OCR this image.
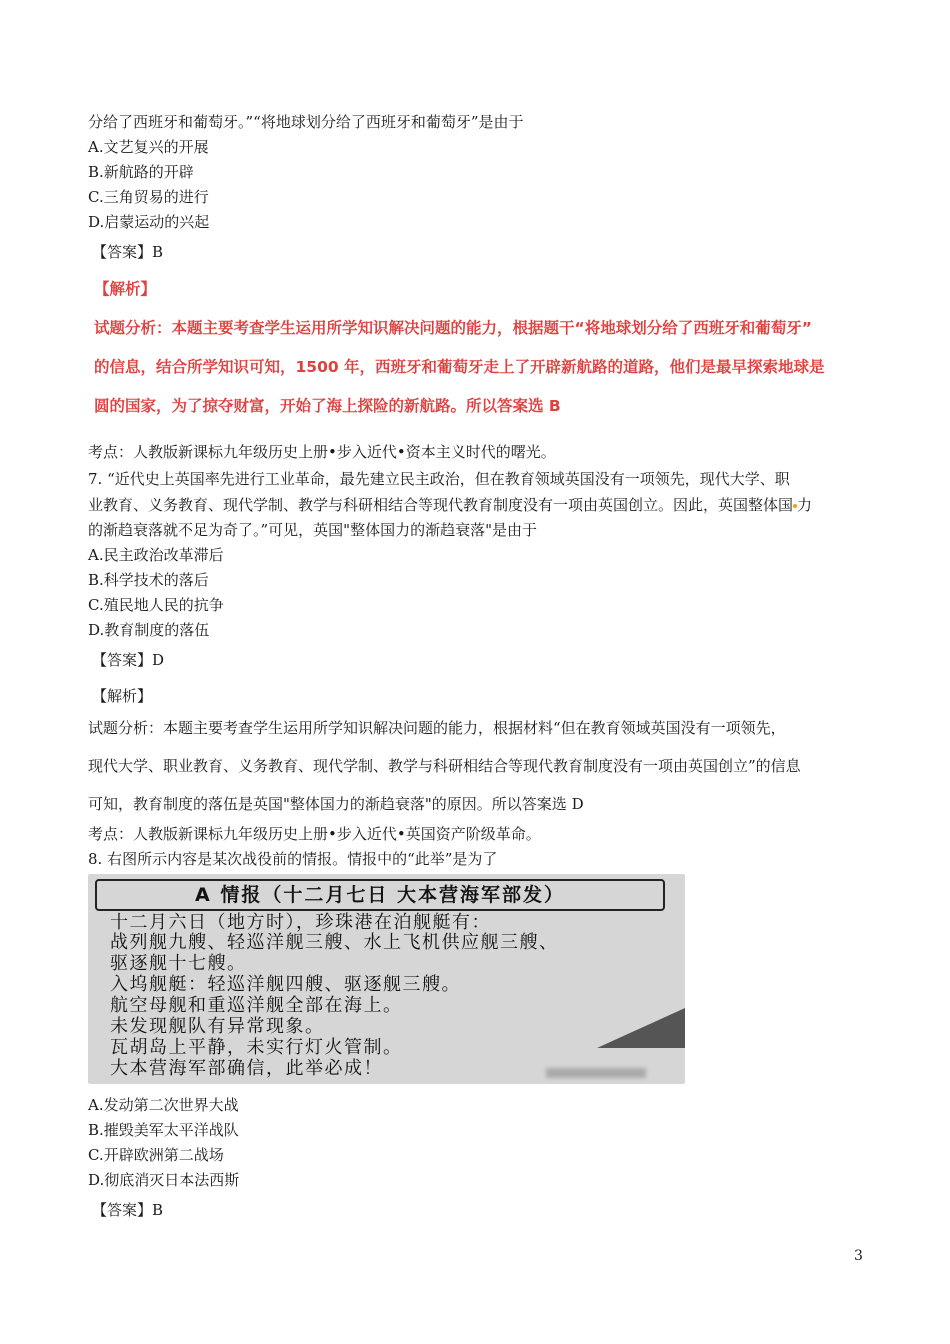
分给了西班牙和葡萄牙。”“将地球划分给了西班牙和葡萄牙”是由于
A.文艺复兴的开展
B.新航路的开辟
C.三角贸易的进行
D.启蒙运动的兴起
【答案】B
【解析】
试题分析：本题主要考查学生运用所学知识解决问题的能力，根据题干“将地球划分给了西班牙和葡萄牙”
的信息，结合所学知识可知，1500 年，西班牙和葡萄牙走上了开辟新航路的道路，他们是最早探索地球是
圆的国家，为了掠夺财富，开始了海上探险的新航路。所以答案选 B
考点：人教版新课标九年级历史上册•步入近代•资本主义时代的曙光。
7. “近代史上英国率先进行工业革命，最先建立民主政治，但在教育领域英国没有一项领先，现代大学、职
业教育、义务教育、现代学制、教学与科研相结合等现代教育制度没有一项由英国创立。因此，英国整体国 力
的渐趋衰落就不足为奇了。”可见，英国"整体国力的渐趋衰落"是由于
A.民主政治改革滞后
B.科学技术的落后
C.殖民地人民的抗争
D.教育制度的落伍
【答案】D
【解析】
试题分析：本题主要考查学生运用所学知识解决问题的能力，根据材料“但在教育领域英国没有一项领先，
现代大学、职业教育、义务教育、现代学制、教学与科研相结合等现代教育制度没有一项由英国创立”的信息
可知，教育制度的落伍是英国"整体国力的渐趋衰落"的原因。所以答案选 D
考点：人教版新课标九年级历史上册•步入近代•英国资产阶级革命。
8. 右图所示内容是某次战役前的情报。情报中的“此举”是为了
A 情报（十二月七日 大本营海军部发）
十二月六日（地方时），珍珠港在泊舰艇有：
战列舰九艘、轻巡洋舰三艘、水上飞机供应舰三艘、
驱逐舰十七艘。
入坞舰艇：轻巡洋舰四艘、驱逐舰三艘。
航空母舰和重巡洋舰全部在海上。
未发现舰队有异常现象。
瓦胡岛上平静，未实行灯火管制。
大本营海军部确信，此举必成！
A.发动第二次世界大战
B.摧毁美军太平洋战队
C.开辟欧洲第二战场
D.彻底消灭日本法西斯
【答案】B
3
